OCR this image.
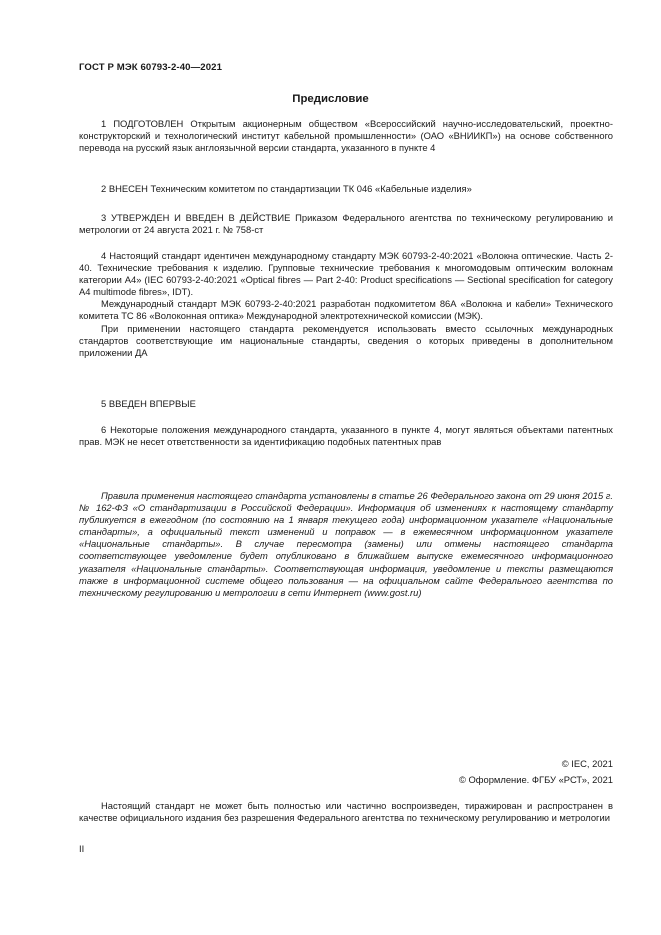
ГОСТ Р МЭК 60793-2-40—2021
Предисловие

1 ПОДГОТОВЛЕН Открытым акционерным обществом «Всероссийский научно-исследовательский, проектно-конструкторский и технологический институт кабельной промышленности» (ОАО «ВНИИКП») на основе собственного перевода на русский язык англоязычной версии стандарта, указанного в пункте 4

2 ВНЕСЕН Техническим комитетом по стандартизации ТК 046 «Кабельные изделия»

3 УТВЕРЖДЕН И ВВЕДЕН В ДЕЙСТВИЕ Приказом Федерального агентства по техническому регулированию и метрологии от 24 августа 2021 г. № 758-ст

4 Настоящий стандарт идентичен международному стандарту МЭК 60793-2-40:2021 «Волокна оптические. Часть 2-40. Технические требования к изделию. Групповые технические требования к многомодовым оптическим волокнам категории А4» (IEC 60793-2-40:2021 «Optical fibres — Part 2-40: Product specifications — Sectional specification for category A4 multimode fibres», IDT).

Международный стандарт МЭК 60793-2-40:2021 разработан подкомитетом 86А «Волокна и кабели» Технического комитета ТС 86 «Волоконная оптика» Международной электротехнической комиссии (МЭК).

При применении настоящего стандарта рекомендуется использовать вместо ссылочных международных стандартов соответствующие им национальные стандарты, сведения о которых приведены в дополнительном приложении ДА

5 ВВЕДЕН ВПЕРВЫЕ

6 Некоторые положения международного стандарта, указанного в пункте 4, могут являться объектами патентных прав. МЭК не несет ответственности за идентификацию подобных патентных прав

Правила применения настоящего стандарта установлены в статье 26 Федерального закона от 29 июня 2015 г. № 162-ФЗ «О стандартизации в Российской Федерации». Информация об изменениях к настоящему стандарту публикуется в ежегодном (по состоянию на 1 января текущего года) информационном указателе «Национальные стандарты», а официальный текст изменений и поправок — в ежемесячном информационном указателе «Национальные стандарты». В случае пересмотра (замены) или отмены настоящего стандарта соответствующее уведомление будет опубликовано в ближайшем выпуске ежемесячного информационного указателя «Национальные стандарты». Соответствующая информация, уведомление и тексты размещаются также в информационной системе общего пользования — на официальном сайте Федерального агентства по техническому регулированию и метрологии в сети Интернет (www.gost.ru)

© IEC, 2021
© Оформление. ФГБУ «РСТ», 2021

Настоящий стандарт не может быть полностью или частично воспроизведен, тиражирован и распространен в качестве официального издания без разрешения Федерального агентства по техническому регулированию и метрологии

II
